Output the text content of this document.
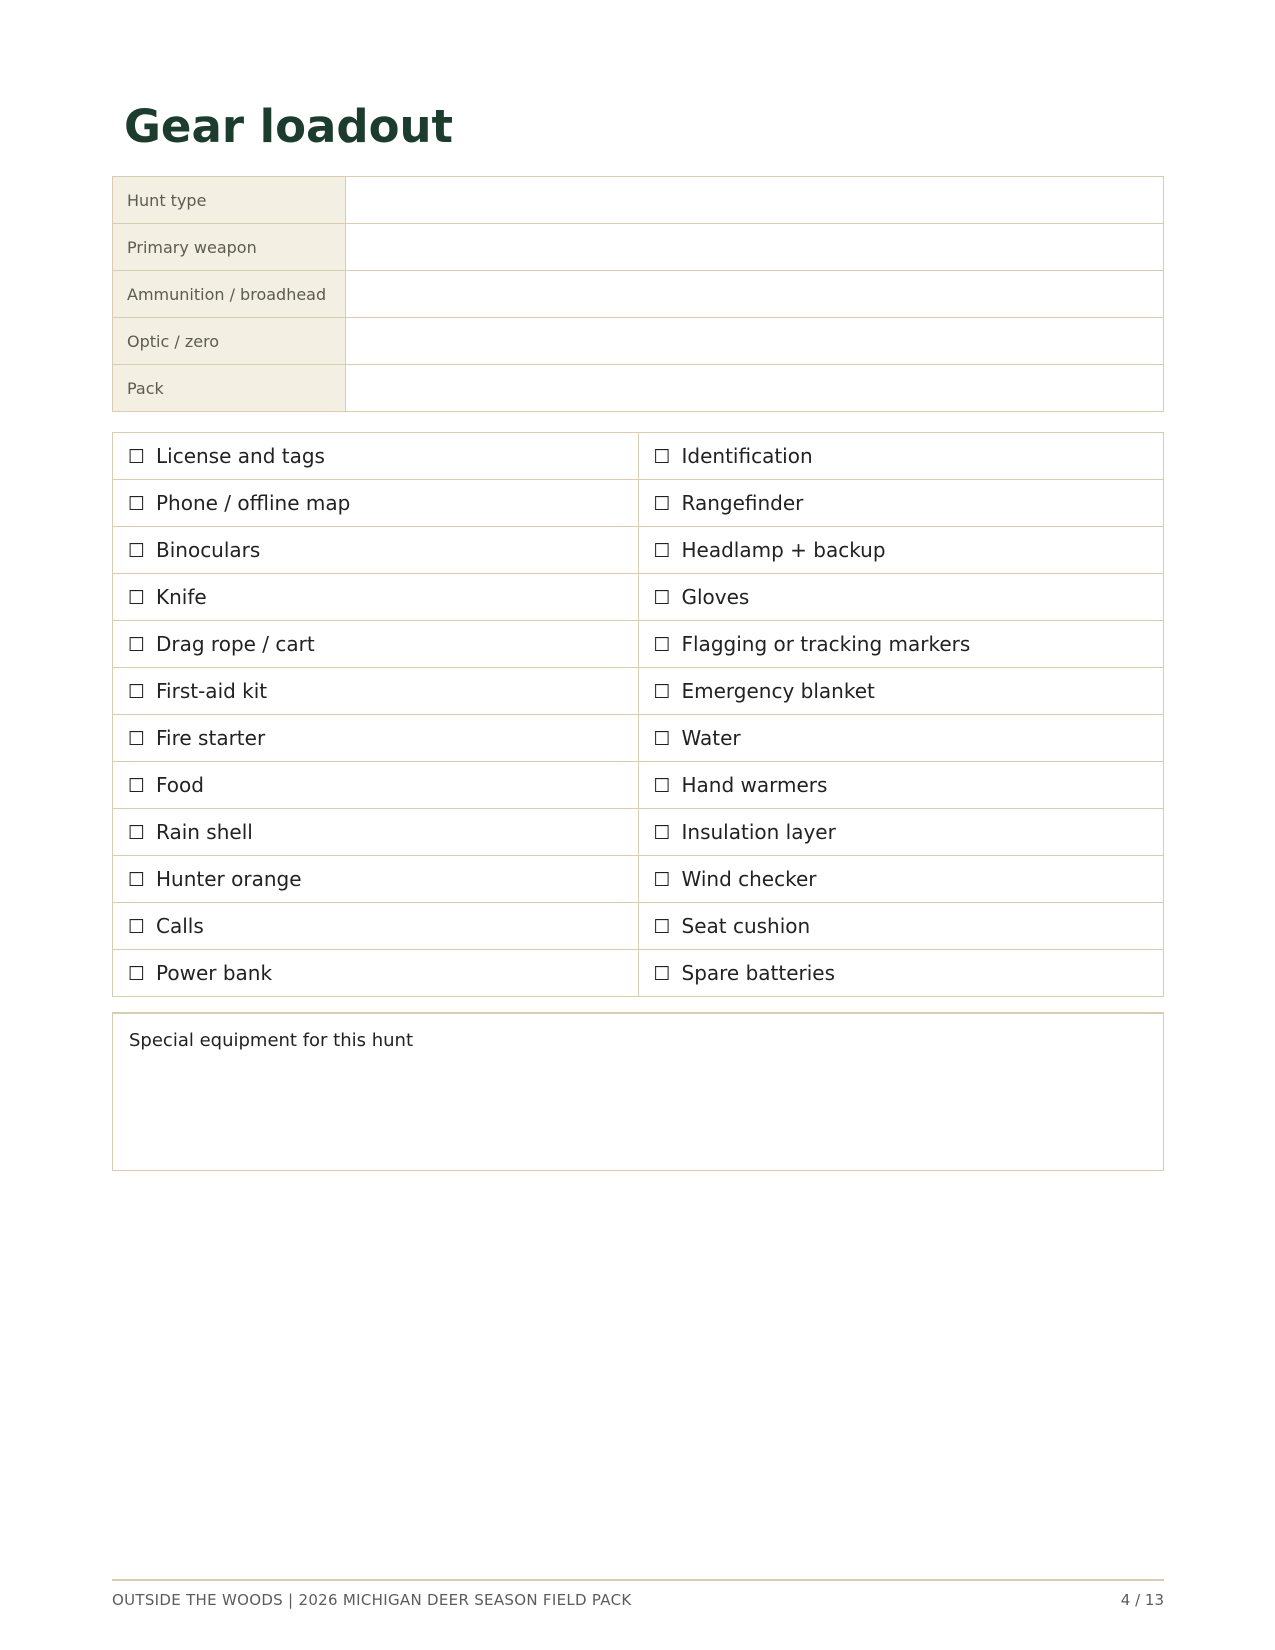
Gear loadout
Hunt type	
Primary weapon	
Ammunition / broadhead	
Optic / zero	
Pack	
☐ License and tags	☐ Identification
☐ Phone / offline map	☐ Rangefinder
☐ Binoculars	☐ Headlamp + backup
☐ Knife	☐ Gloves
☐ Drag rope / cart	☐ Flagging or tracking markers
☐ First-aid kit	☐ Emergency blanket
☐ Fire starter	☐ Water
☐ Food	☐ Hand warmers
☐ Rain shell	☐ Insulation layer
☐ Hunter orange	☐ Wind checker
☐ Calls	☐ Seat cushion
☐ Power bank	☐ Spare batteries
Special equipment for this hunt
OUTSIDE THE WOODS | 2026 MICHIGAN DEER SEASON FIELD PACK	4 / 13
